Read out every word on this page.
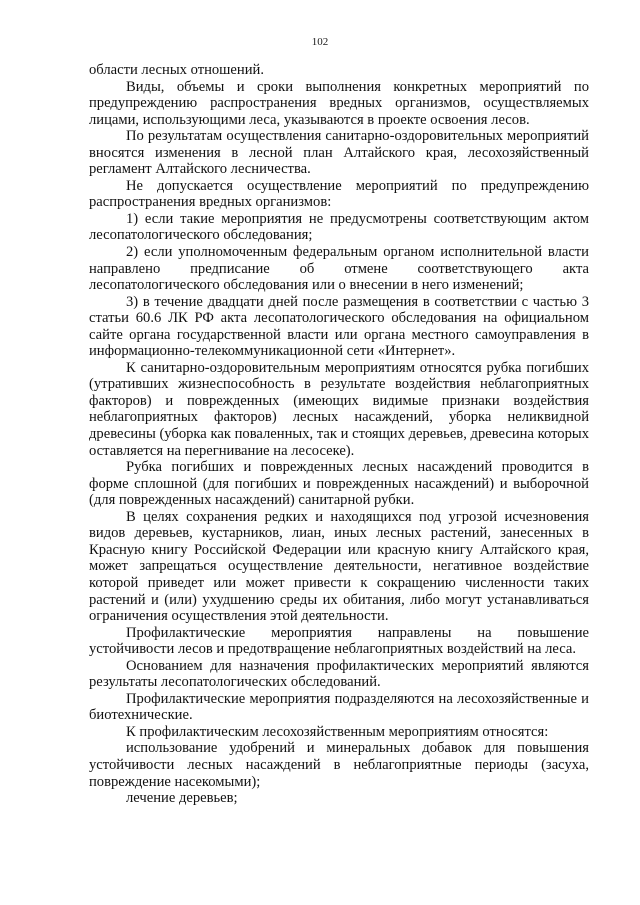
102

области лесных отношений.

Виды, объемы и сроки выполнения конкретных мероприятий по предупреждению распространения вредных организмов, осуществляемых лицами, использующими леса, указываются в проекте освоения лесов.

По результатам осуществления санитарно-оздоровительных мероприятий вносятся изменения в лесной план Алтайского края, лесохозяйственный регламент Алтайского лесничества.

Не допускается осуществление мероприятий по предупреждению распространения вредных организмов:

1) если такие мероприятия не предусмотрены соответствующим актом лесопатологического обследования;

2) если уполномоченным федеральным органом исполнительной власти направлено предписание об отмене соответствующего акта лесопатологического обследования или о внесении в него изменений;

3) в течение двадцати дней после размещения в соответствии с частью 3 статьи 60.6 ЛК РФ акта лесопатологического обследования на официальном сайте органа государственной власти или органа местного самоуправления в информационно-телекоммуникационной сети «Интернет».

К санитарно-оздоровительным мероприятиям относятся рубка погибших (утративших жизнеспособность в результате воздействия неблагоприятных факторов) и поврежденных (имеющих видимые признаки воздействия неблагоприятных факторов) лесных насаждений, уборка неликвидной древесины (уборка как поваленных, так и стоящих деревьев, древесина которых оставляется на перегнивание на лесосеке).

Рубка погибших и поврежденных лесных насаждений проводится в форме сплошной (для погибших и поврежденных насаждений) и выборочной (для поврежденных насаждений) санитарной рубки.

В целях сохранения редких и находящихся под угрозой исчезновения видов деревьев, кустарников, лиан, иных лесных растений, занесенных в Красную книгу Российской Федерации или красную книгу Алтайского края, может запрещаться осуществление деятельности, негативное воздействие которой приведет или может привести к сокращению численности таких растений и (или) ухудшению среды их обитания, либо могут устанавливаться ограничения осуществления этой деятельности.

Профилактические мероприятия направлены на повышение устойчивости лесов и предотвращение неблагоприятных воздействий на леса.

Основанием для назначения профилактических мероприятий являются результаты лесопатологических обследований.

Профилактические мероприятия подразделяются на лесохозяйственные и биотехнические.

К профилактическим лесохозяйственным мероприятиям относятся:

использование удобрений и минеральных добавок для повышения устойчивости лесных насаждений в неблагоприятные периоды (засуха, повреждение насекомыми);

лечение деревьев;
